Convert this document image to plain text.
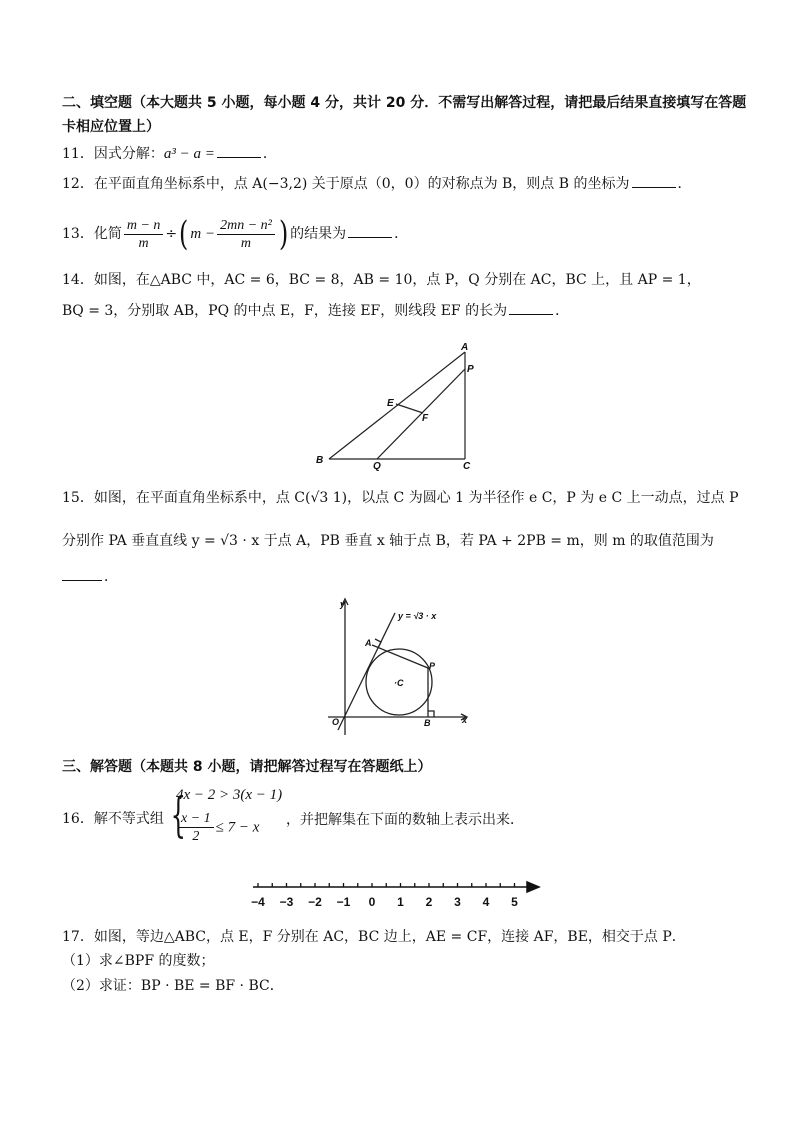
二、填空题（本大题共 5 小题，每小题 4 分，共计 20 分．不需写出解答过程，请把最后结果直接填写在答题
卡相应位置上）
11．因式分解：a³ − a =	．
12．在平面直角坐标系中，点 A(−3,2) 关于原点（0，0）的对称点为 B，则点 B 的坐标为	．
13．化简 $\frac{m - n}{m}$ ÷( $m - \frac{\text{2mn − n²}}{m}$ ) 的结果为	．
14．如图，在△ABC 中，AC = 6，BC = 8，AB = 10，点 P，Q 分别在 AC，BC 上，且 AP = 1，
BQ = 3，分别取 AB，PQ 的中点 E，F，连接 EF，则线段 EF 的长为	．
A
P
E
F
B
Q	C
15．如图，在平面直角坐标系中，点 C(√3 1)，以点 C 为圆心 1 为半径作 e C，P 为 e C 上一动点，过点 P
分别作 PA 垂直直线 y = √3 · x 于点 A，PB 垂直 x 轴于点 B，若 PA + 2PB = m，则 m 的取值范围为
．
y
x
y = √3 · x
A
P
·C
O	B
三、解答题（本题共 8 小题，请把解答过程写在答题纸上）
16．解不等式组 {
4x − 2 > 3(x − 1)
$\frac{x - 1}{2} \le 7 - x$ ，并把解集在下面的数轴上表示出来．
−4 −3 −2 −1 0 1 2 3 4 5
17．如图，等边△ABC，点 E，F 分别在 AC，BC 边上，AE = CF，连接 AF，BE，相交于点 P．
（1）求∠BPF 的度数；
（2）求证：BP · BE = BF · BC．
